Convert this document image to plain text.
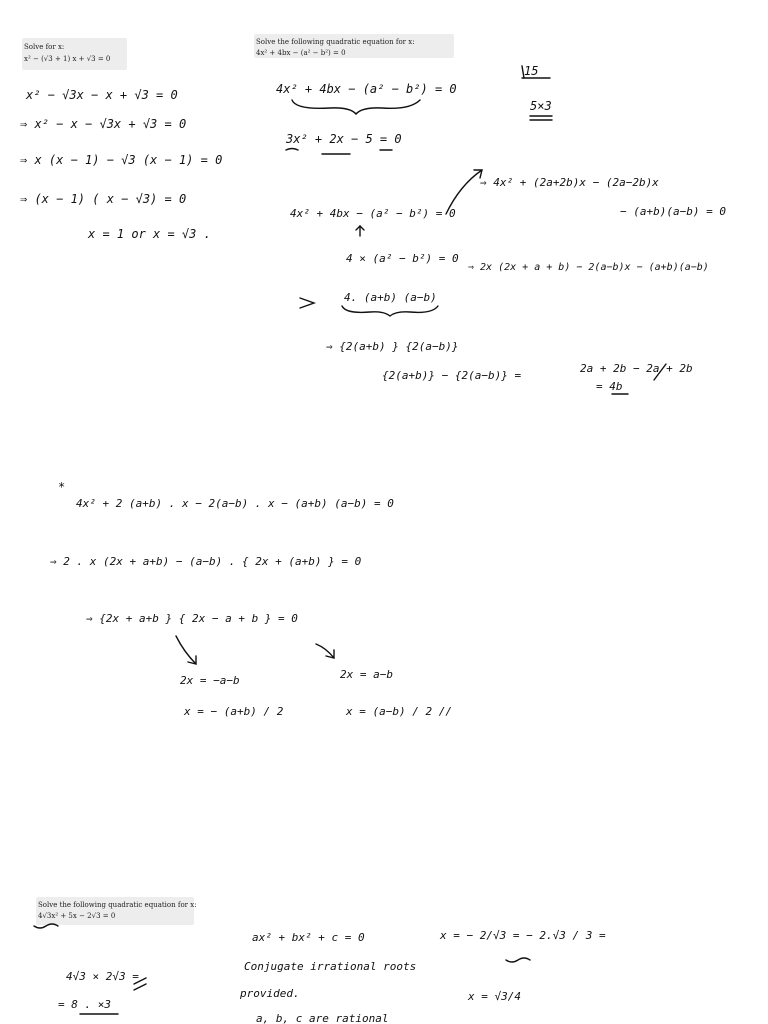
Solve for x:
x² − (√3 + 1) x + √3 = 0
Solve the following quadratic equation for x:
4x² + 4bx − (a² − b²) = 0
Solve the following quadratic equation for x:
4√3x² + 5x − 2√3 = 0
x² − √3x − x + √3 = 0
⇒ x² − x − √3x + √3 = 0
⇒ x (x − 1) − √3 (x − 1) = 0
⇒ (x − 1) ( x − √3) = 0
x = 1 or x = √3 .
4x² + 4bx − (a² − b²) = 0
3x² + 2x − 5 = 0
15
5×3
4x² + 4bx − (a² − b²) = 0
4 × (a² − b²) = 0
4. (a+b) (a−b)
⇒ {2(a+b) } {2(a−b)}
{2(a+b)} − {2(a−b)} =
2a + 2b − 2a + 2b
= 4b
⇒ 4x² + (2a+2b)x − (2a−2b)x
− (a+b)(a−b) = 0
⇒ 2x (2x + a + b) − 2(a−b)x − (a+b)(a−b)
*
4x² + 2 (a+b) . x − 2(a−b) . x − (a+b) (a−b) = 0
⇒ 2 . x (2x + a+b) − (a−b) . { 2x + (a+b) } = 0
⇒ {2x + a+b } { 2x − a + b } = 0
2x = −a−b
x = − (a+b) / 2
2x = a−b
x = (a−b) / 2 //
4√3 × 2√3 =
= 8 . ×3
ax² + bx² + c = 0
Conjugate irrational roots
provided.
a, b, c are rational
x = − 2/√3 = − 2.√3 / 3 =
x = √3/4
